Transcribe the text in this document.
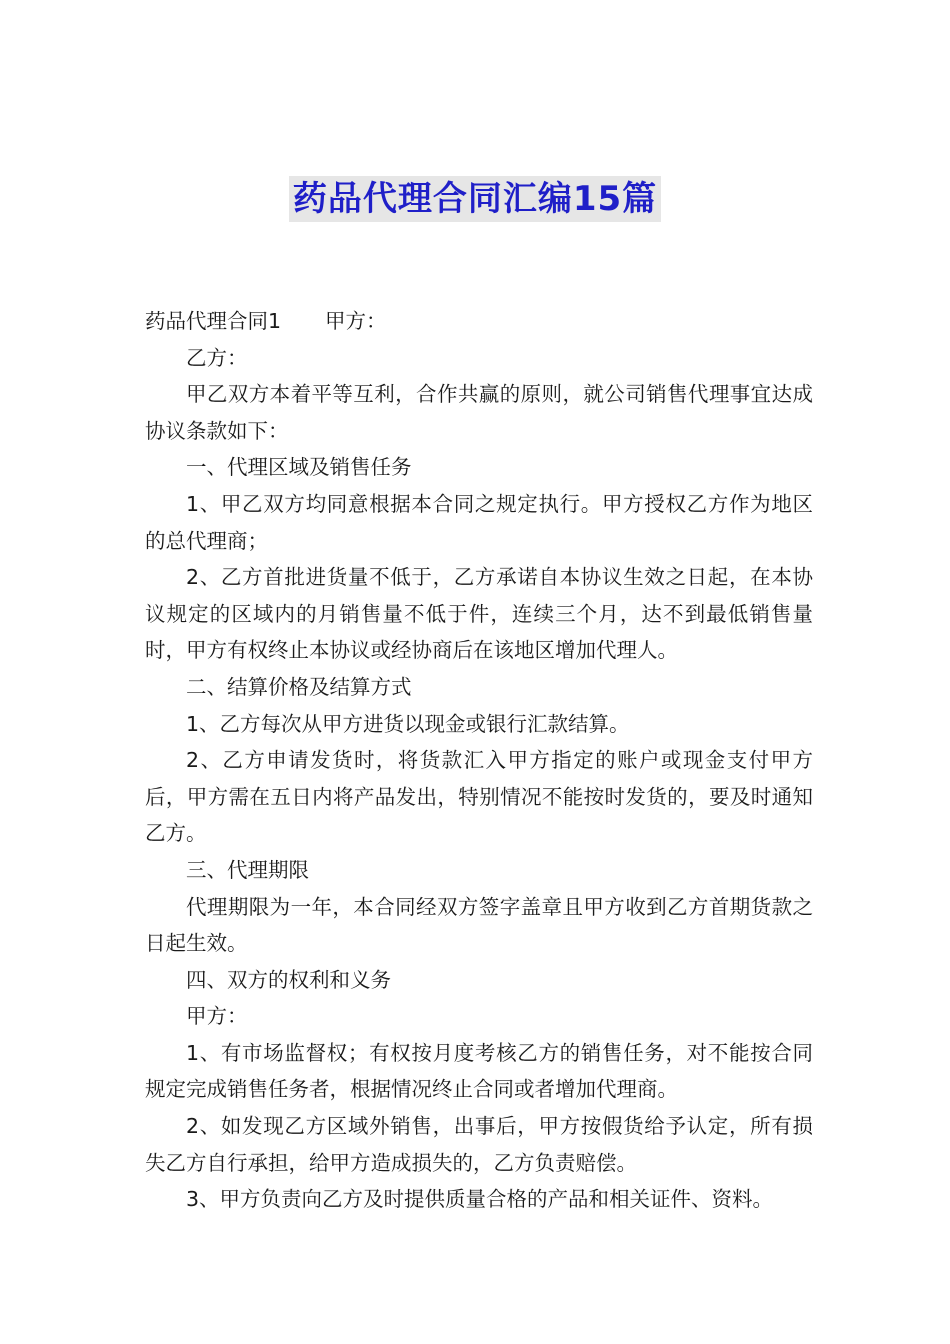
药品代理合同汇编15篇

药品代理合同1 甲方：

乙方：

甲乙双方本着平等互利，合作共赢的原则，就公司销售代理事宜达成协议条款如下：

一、代理区域及销售任务

1、甲乙双方均同意根据本合同之规定执行。甲方授权乙方作为地区的总代理商；

2、乙方首批进货量不低于，乙方承诺自本协议生效之日起，在本协议规定的区域内的月销售量不低于件，连续三个月，达不到最低销售量时，甲方有权终止本协议或经协商后在该地区增加代理人。

二、结算价格及结算方式

1、乙方每次从甲方进货以现金或银行汇款结算。

2、乙方申请发货时，将货款汇入甲方指定的账户或现金支付甲方后，甲方需在五日内将产品发出，特别情况不能按时发货的，要及时通知乙方。

三、代理期限

代理期限为一年，本合同经双方签字盖章且甲方收到乙方首期货款之日起生效。

四、双方的权利和义务

甲方：

1、有市场监督权；有权按月度考核乙方的销售任务，对不能按合同规定完成销售任务者，根据情况终止合同或者增加代理商。

2、如发现乙方区域外销售，出事后，甲方按假货给予认定，所有损失乙方自行承担，给甲方造成损失的，乙方负责赔偿。

3、甲方负责向乙方及时提供质量合格的产品和相关证件、资料。
